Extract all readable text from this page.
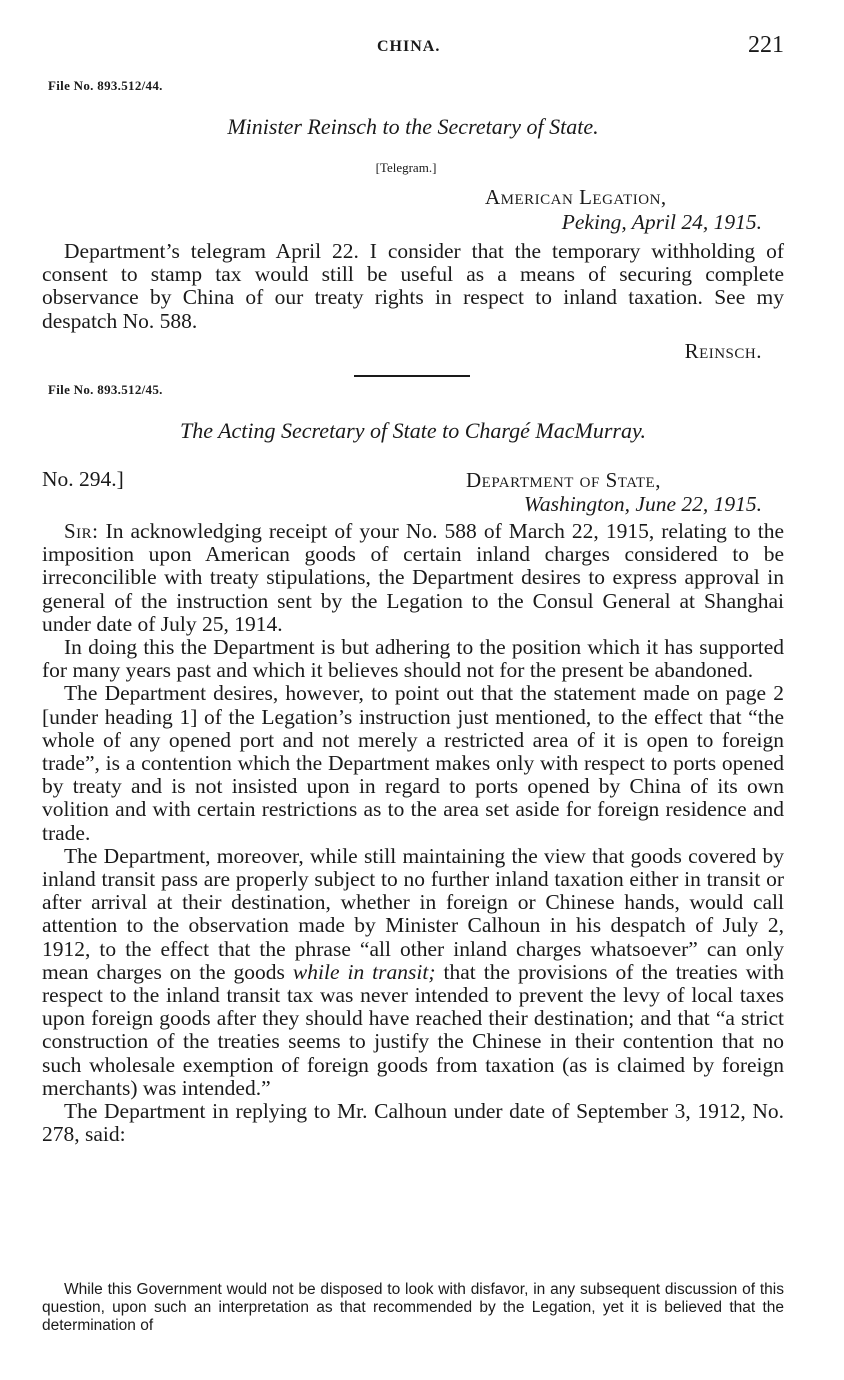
CHINA.	221
File No. 893.512/44.
Minister Reinsch to the Secretary of State.
[Telegram.]
American Legation,
Peking, April 24, 1915.

Department’s telegram April 22. I consider that the temporary withholding of consent to stamp tax would still be useful as a means of securing complete observance by China of our treaty rights in respect to inland taxation. See my despatch No. 588.

Reinsch.
File No. 893.512/45.
The Acting Secretary of State to Chargé MacMurray.
No. 294.]	Department of State,
Washington, June 22, 1915.

Sir: In acknowledging receipt of your No. 588 of March 22, 1915, relating to the imposition upon American goods of certain inland charges considered to be irreconcilible with treaty stipulations, the Department desires to express approval in general of the instruction sent by the Legation to the Consul General at Shanghai under date of July 25, 1914.

In doing this the Department is but adhering to the position which it has supported for many years past and which it believes should not for the present be abandoned.

The Department desires, however, to point out that the statement made on page 2 [under heading 1] of the Legation’s instruction just mentioned, to the effect that “the whole of any opened port and not merely a restricted area of it is open to foreign trade”, is a contention which the Department makes only with respect to ports opened by treaty and is not insisted upon in regard to ports opened by China of its own volition and with certain restrictions as to the area set aside for foreign residence and trade.

The Department, moreover, while still maintaining the view that goods covered by inland transit pass are properly subject to no further inland taxation either in transit or after arrival at their destination, whether in foreign or Chinese hands, would call attention to the observation made by Minister Calhoun in his despatch of July 2, 1912, to the effect that the phrase “all other inland charges whatsoever” can only mean charges on the goods while in transit; that the provisions of the treaties with respect to the inland transit tax was never intended to prevent the levy of local taxes upon foreign goods after they should have reached their destination; and that “a strict construction of the treaties seems to justify the Chinese in their contention that no such wholesale exemption of foreign goods from taxation (as is claimed by foreign merchants) was intended.”

The Department in replying to Mr. Calhoun under date of September 3, 1912, No. 278, said:

While this Government would not be disposed to look with disfavor, in any subsequent discussion of this question, upon such an interpretation as that recommended by the Legation, yet it is believed that the determination of
